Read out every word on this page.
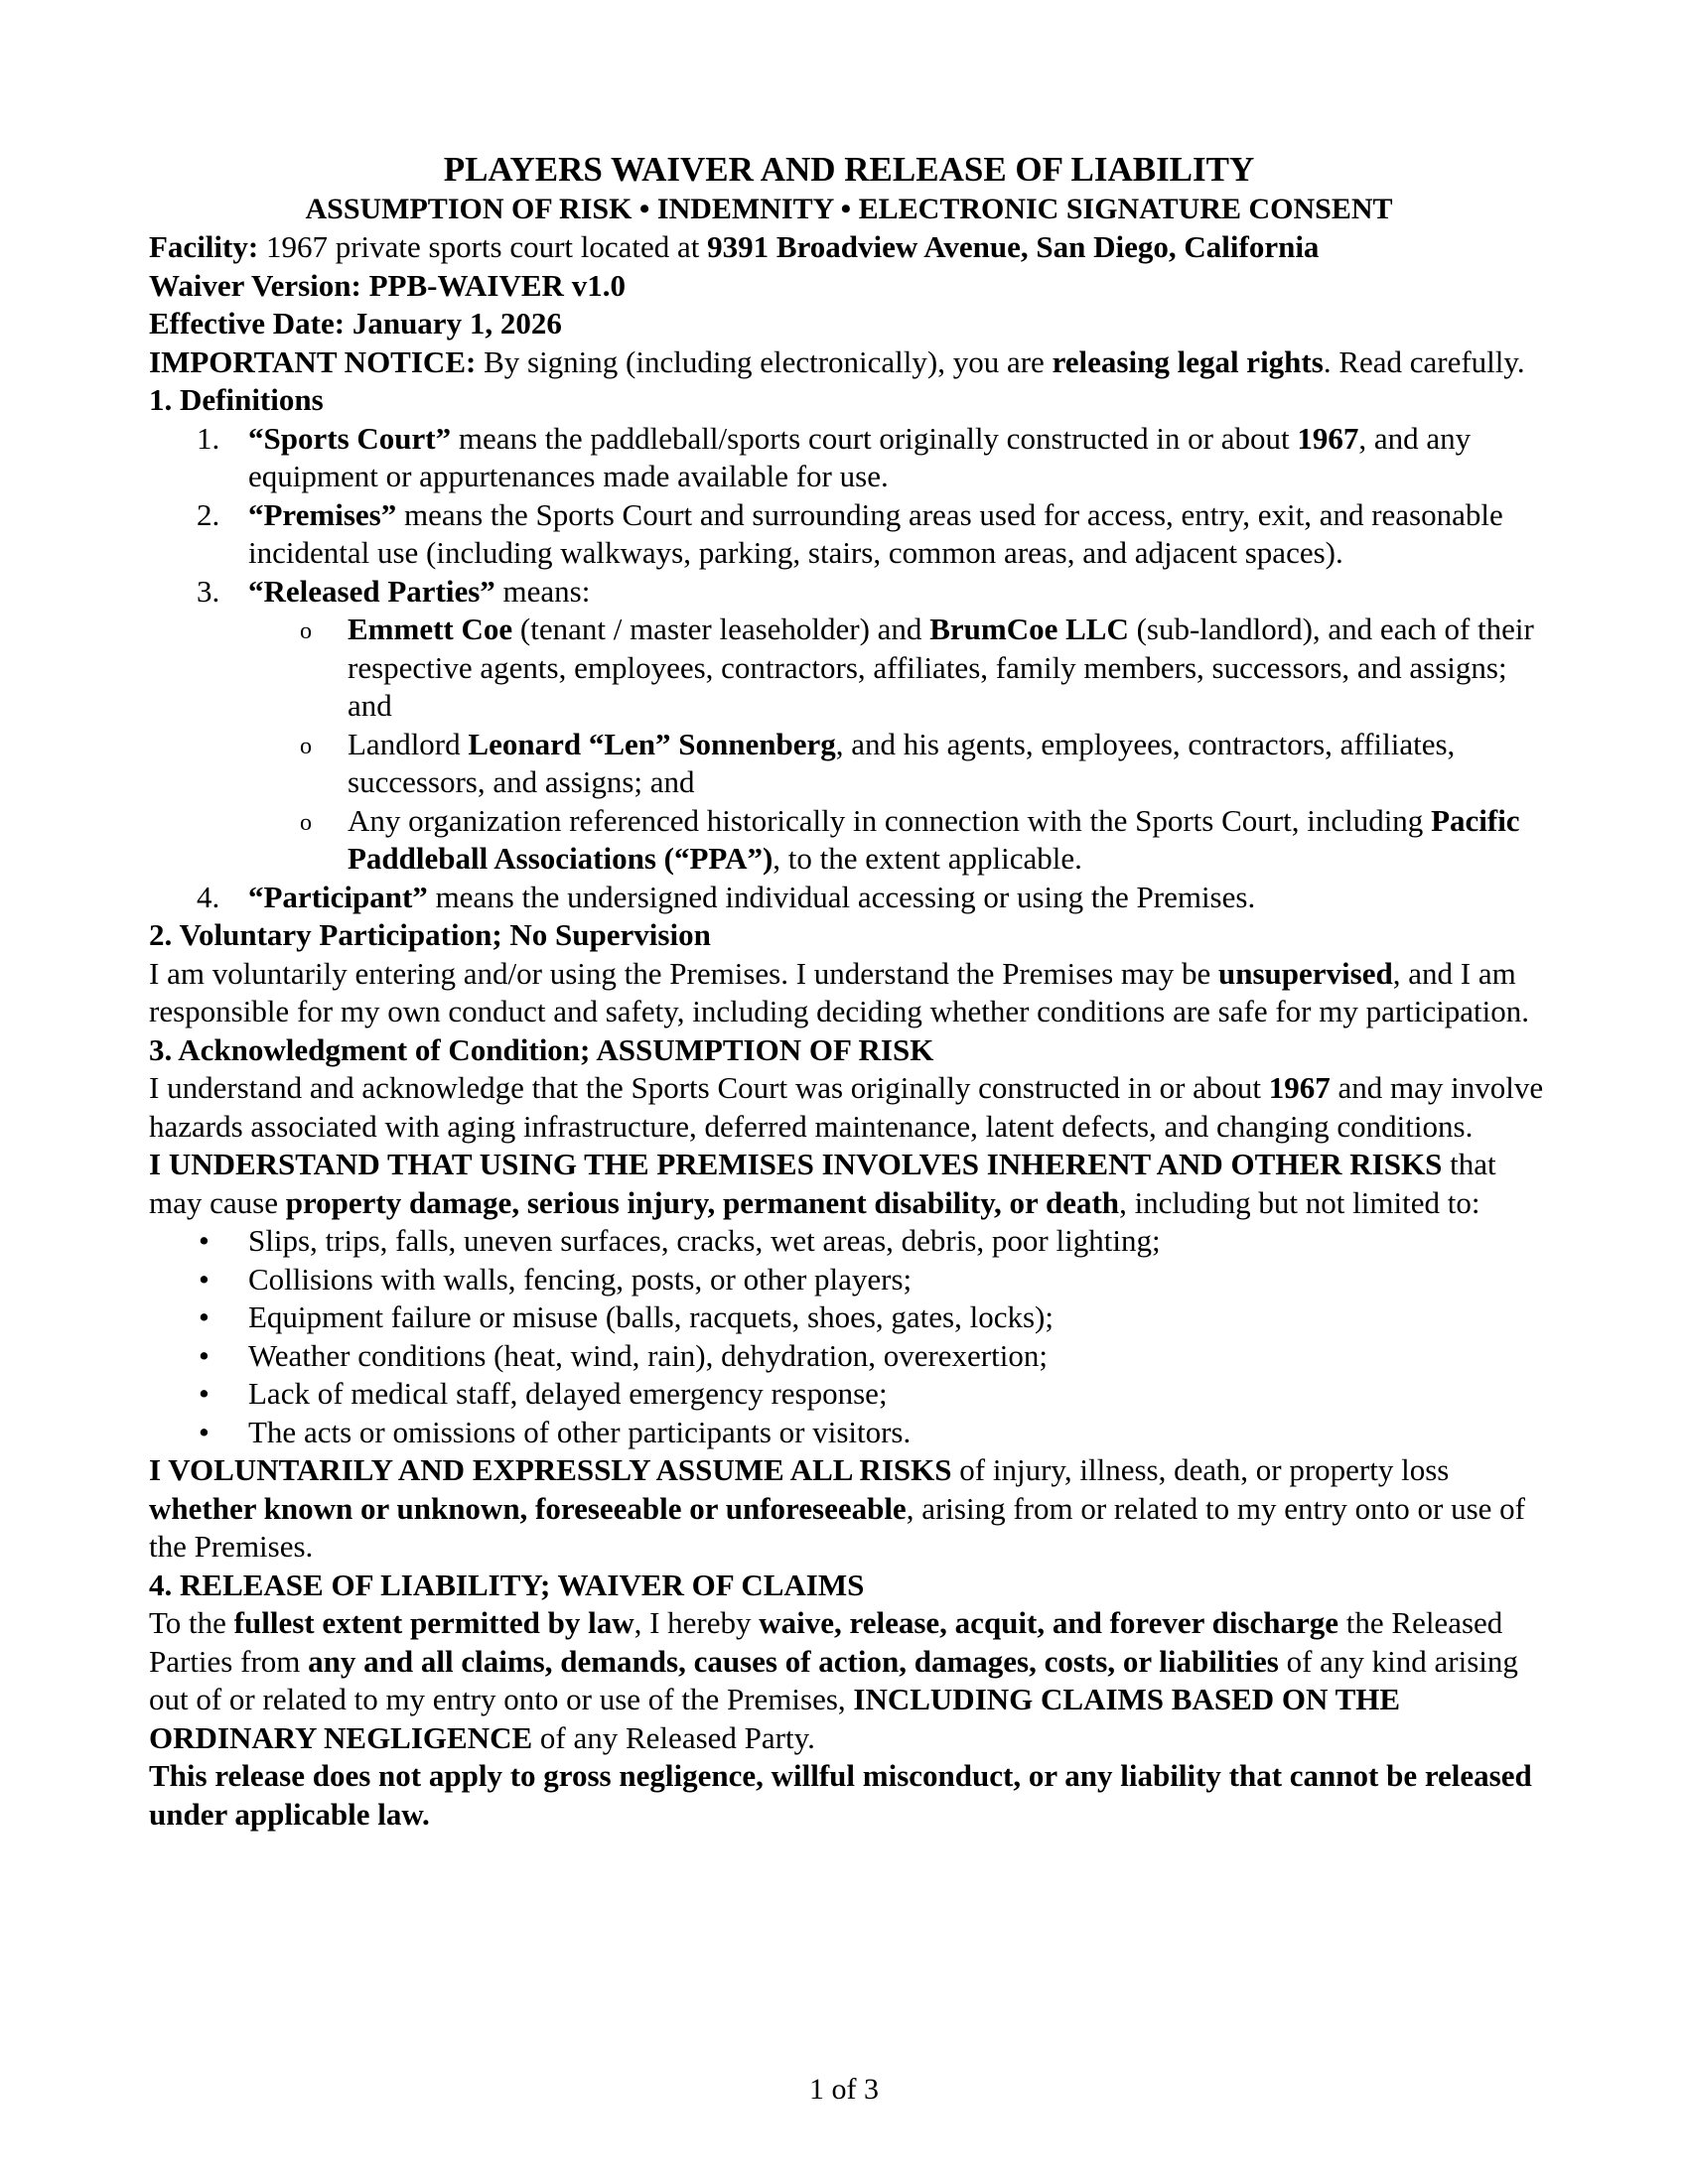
PLAYERS WAIVER AND RELEASE OF LIABILITY

ASSUMPTION OF RISK • INDEMNITY • ELECTRONIC SIGNATURE CONSENT

Facility: 1967 private sports court located at 9391 Broadview Avenue, San Diego, California

Waiver Version: PPB-WAIVER v1.0

Effective Date: January 1, 2026

IMPORTANT NOTICE: By signing (including electronically), you are releasing legal rights. Read carefully.

1. Definitions

1. “Sports Court” means the paddleball/sports court originally constructed in or about 1967, and any equipment or appurtenances made available for use.
2. “Premises” means the Sports Court and surrounding areas used for access, entry, exit, and reasonable incidental use (including walkways, parking, stairs, common areas, and adjacent spaces).
3. “Released Parties” means:
o Emmett Coe (tenant / master leaseholder) and BrumCoe LLC (sub-landlord), and each of their respective agents, employees, contractors, affiliates, family members, successors, and assigns; and
o Landlord Leonard “Len” Sonnenberg, and his agents, employees, contractors, affiliates, successors, and assigns; and
o Any organization referenced historically in connection with the Sports Court, including Pacific Paddleball Associations (“PPA”), to the extent applicable.
4. “Participant” means the undersigned individual accessing or using the Premises.

2. Voluntary Participation; No Supervision

I am voluntarily entering and/or using the Premises. I understand the Premises may be unsupervised, and I am responsible for my own conduct and safety, including deciding whether conditions are safe for my participation.

3. Acknowledgment of Condition; ASSUMPTION OF RISK

I understand and acknowledge that the Sports Court was originally constructed in or about 1967 and may involve hazards associated with aging infrastructure, deferred maintenance, latent defects, and changing conditions.

I UNDERSTAND THAT USING THE PREMISES INVOLVES INHERENT AND OTHER RISKS that may cause property damage, serious injury, permanent disability, or death, including but not limited to:

• Slips, trips, falls, uneven surfaces, cracks, wet areas, debris, poor lighting;
• Collisions with walls, fencing, posts, or other players;
• Equipment failure or misuse (balls, racquets, shoes, gates, locks);
• Weather conditions (heat, wind, rain), dehydration, overexertion;
• Lack of medical staff, delayed emergency response;
• The acts or omissions of other participants or visitors.

I VOLUNTARILY AND EXPRESSLY ASSUME ALL RISKS of injury, illness, death, or property loss whether known or unknown, foreseeable or unforeseeable, arising from or related to my entry onto or use of the Premises.

4. RELEASE OF LIABILITY; WAIVER OF CLAIMS

To the fullest extent permitted by law, I hereby waive, release, acquit, and forever discharge the Released Parties from any and all claims, demands, causes of action, damages, costs, or liabilities of any kind arising out of or related to my entry onto or use of the Premises, INCLUDING CLAIMS BASED ON THE ORDINARY NEGLIGENCE of any Released Party.

This release does not apply to gross negligence, willful misconduct, or any liability that cannot be released under applicable law.

1 of 3
